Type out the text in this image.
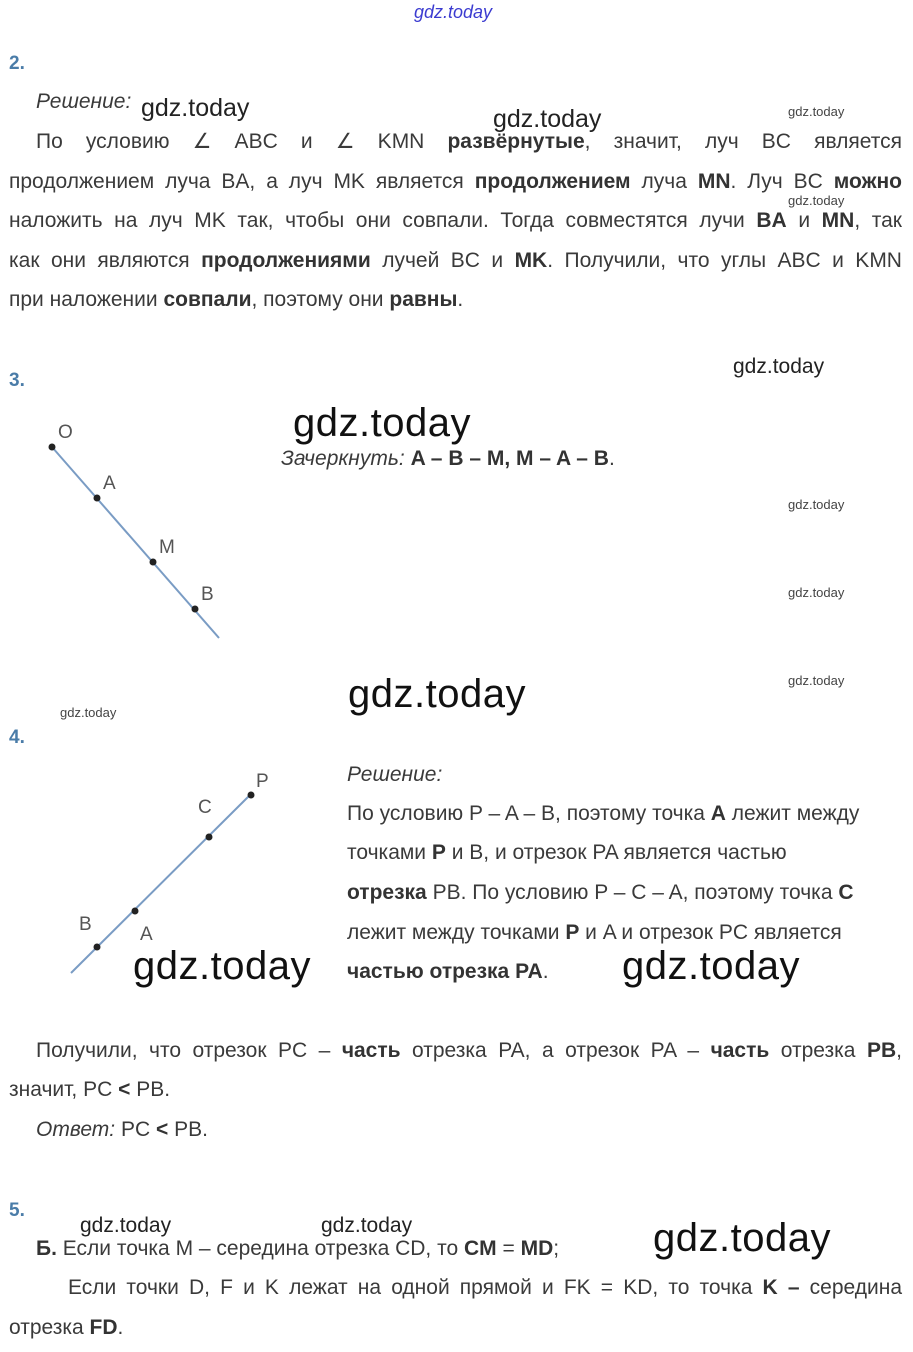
gdz.today
2.
Решение:
По условию ∠ ABC и ∠ KMN развёрнутые, значит, луч BC является
продолжением луча BA, а луч MK является продолжением луча MN. Луч BC можно
наложить на луч MK так, чтобы они совпали. Тогда совместятся лучи BA и MN, так
как они являются продолжениями лучей BC и MK. Получили, что углы ABC и KMN
при наложении совпали, поэтому они равны.
gdz.today	gdz.today	gdz.today
gdz.today
3.
O
A
M
B
Зачеркнуть: A – B – M, M – A – B.
gdz.today
gdz.today
gdz.today
gdz.today
gdz.today
gdz.today
gdz.today
4.
P
C
A
B
Решение:
По условию P – A – B, поэтому точка A лежит между
точками P и B, и отрезок PA является частью
отрезка PB. По условию P – C – A, поэтому точка C
лежит между точками P и A и отрезок PC является
частью отрезка PA.
Получили, что отрезок PC – часть отрезка PA, а отрезок PA – часть отрезка PB,
значит, PC < PB.
Ответ: PC < PB.
gdz.today	gdz.today
5.
gdz.today	gdz.today	gdz.today
Б. Если точка M – середина отрезка CD, то CM = MD;
Если точки D, F и K лежат на одной прямой и FK = KD, то точка K – середина
отрезка FD.
